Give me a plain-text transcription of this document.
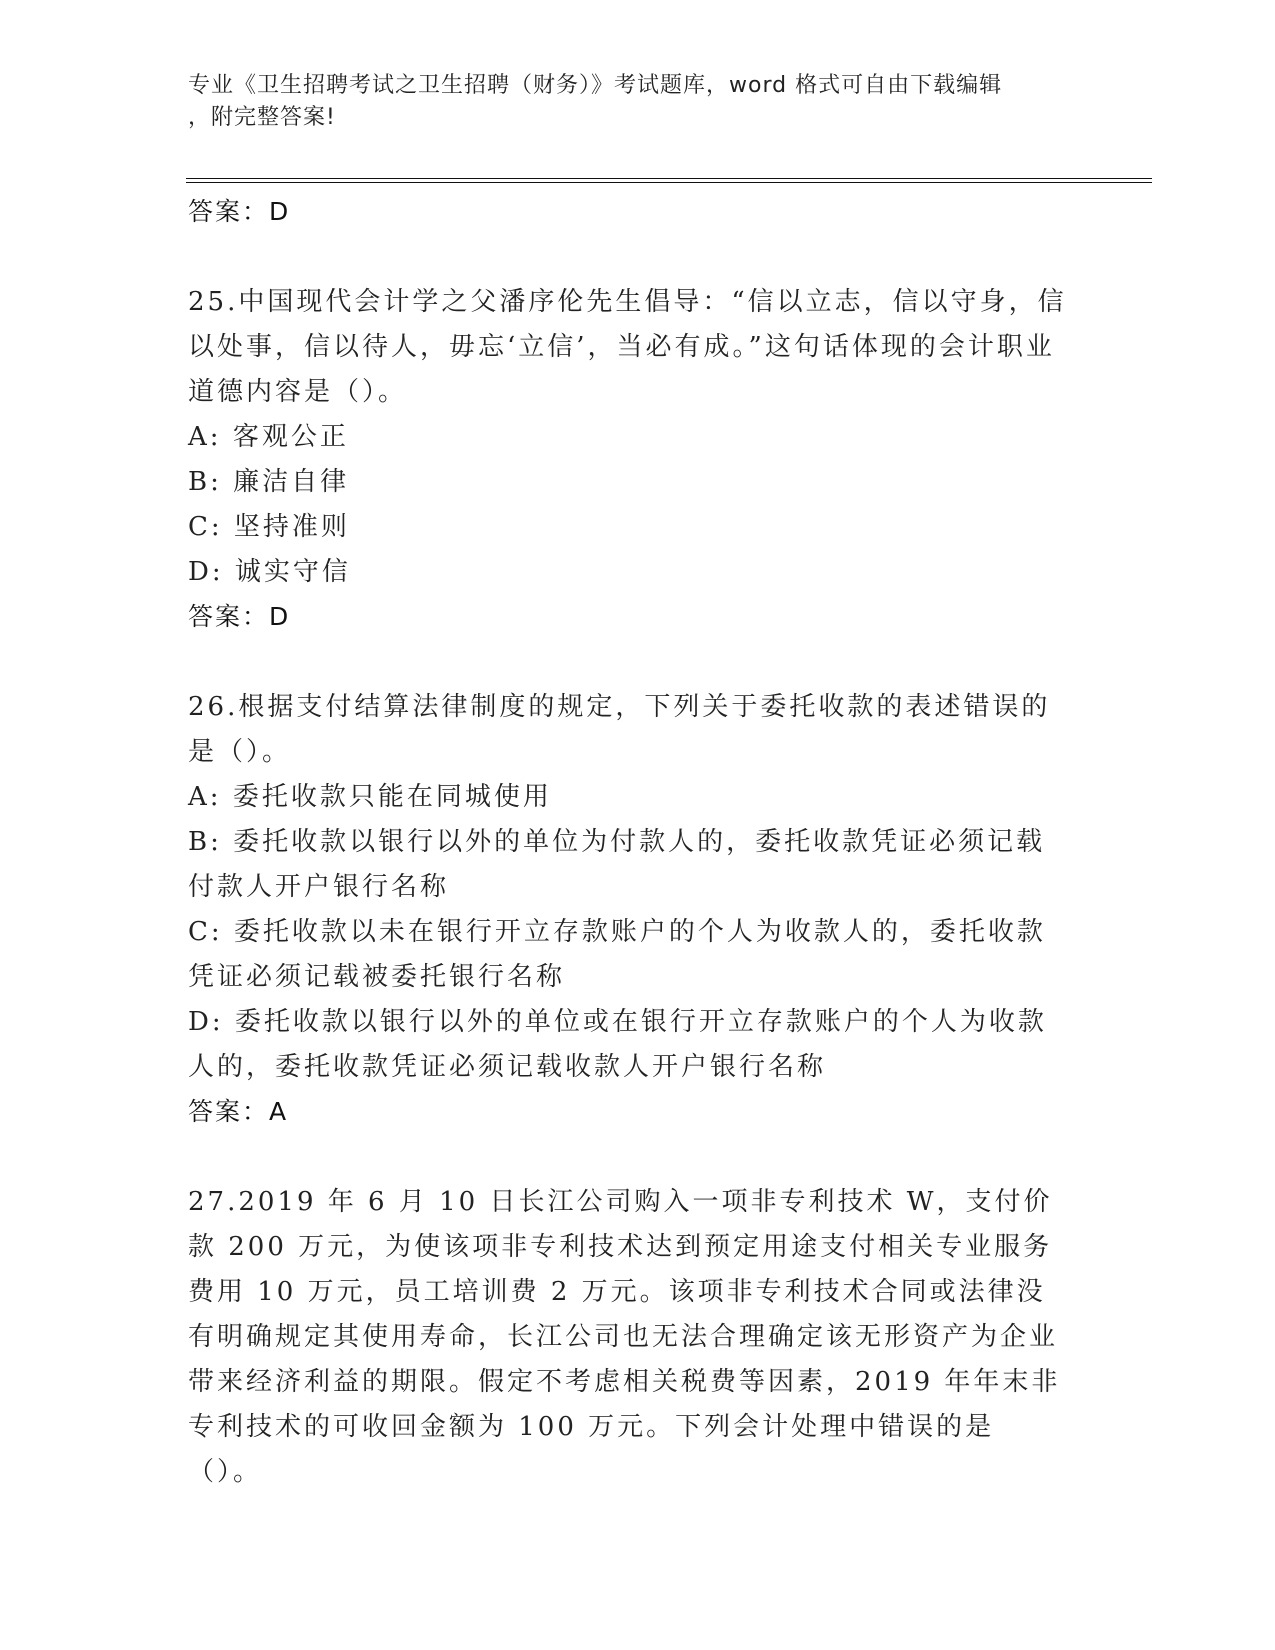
专业《卫生招聘考试之卫生招聘（财务）》考试题库，word 格式可自由下载编辑
，附完整答案!

答案：D

25.中国现代会计学之父潘序伦先生倡导：“信以立志，信以守身，信以处事，信以待人，毋忘‘立信’，当必有成。”这句话体现的会计职业道德内容是（）。

A: 客观公正

B: 廉洁自律

C: 坚持准则

D: 诚实守信

答案：D

26.根据支付结算法律制度的规定，下列关于委托收款的表述错误的是（）。

A: 委托收款只能在同城使用

B: 委托收款以银行以外的单位为付款人的，委托收款凭证必须记载付款人开户银行名称

C: 委托收款以未在银行开立存款账户的个人为收款人的，委托收款凭证必须记载被委托银行名称

D: 委托收款以银行以外的单位或在银行开立存款账户的个人为收款人的，委托收款凭证必须记载收款人开户银行名称

答案：A

27.2019 年 6 月 10 日长江公司购入一项非专利技术 W，支付价款 200 万元，为使该项非专利技术达到预定用途支付相关专业服务费用 10 万元，员工培训费 2 万元。该项非专利技术合同或法律没有明确规定其使用寿命，长江公司也无法合理确定该无形资产为企业带来经济利益的期限。假定不考虑相关税费等因素，2019 年年末非专利技术的可收回金额为 100 万元。下列会计处理中错误的是（）。
